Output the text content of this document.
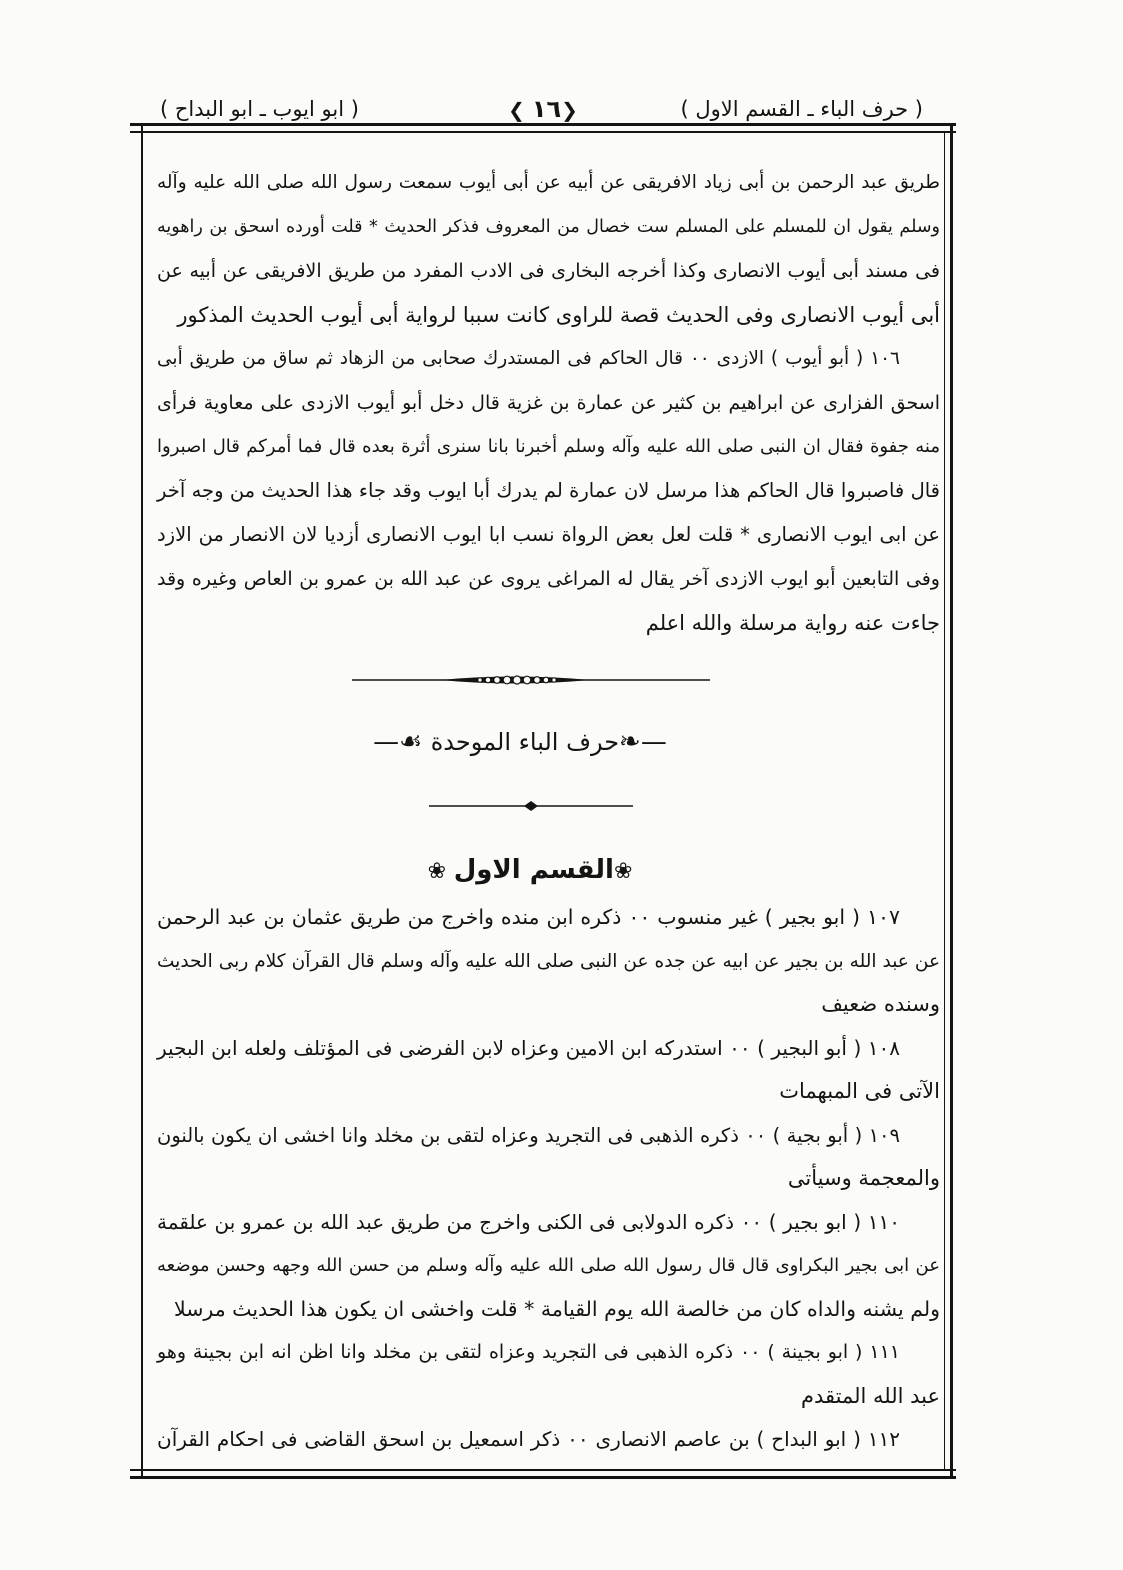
( حرف الباء ـ القسم الاول )
❮ ١٦ ❯
( ابو ايوب ـ ابو البداح )
طريق عبد الرحمن بن أبى زياد الافريقى عن أبيه عن أبى أيوب سمعت رسول الله صلى الله عليه وآله
وسلم يقول ان للمسلم على المسلم ست خصال من المعروف فذكر الحديث * قلت أورده اسحق بن راهويه
فى مسند أبى أيوب الانصارى وكذا أخرجه البخارى فى الادب المفرد من طريق الافريقى عن أبيه عن
أبى أيوب الانصارى وفى الحديث قصة للراوى كانت سببا لرواية أبى أيوب الحديث المذكور
١٠٦ ( أبو أيوب ) الازدى ٠٠ قال الحاكم فى المستدرك صحابى من الزهاد ثم ساق من طريق أبى
اسحق الفزارى عن ابراهيم بن كثير عن عمارة بن غزية قال دخل أبو أيوب الازدى على معاوية فرأى
منه جفوة فقال ان النبى صلى الله عليه وآله وسلم أخبرنا بانا سنرى أثرة بعده قال فما أمركم قال اصبروا
قال فاصبروا قال الحاكم هذا مرسل لان عمارة لم يدرك أبا ايوب وقد جاء هذا الحديث من وجه آخر
عن ابى ايوب الانصارى * قلت لعل بعض الرواة نسب ابا ايوب الانصارى أزديا لان الانصار من الازد
وفى التابعين أبو ايوب الازدى آخر يقال له المراغى يروى عن عبد الله بن عمرو بن العاص وغيره وقد
جاءت عنه رواية مرسلة والله اعلم
—❧ حرف الباء الموحدة ☙—
❀ القسم الاول ❀
١٠٧ ( ابو بجير ) غير منسوب ٠٠ ذكره ابن منده واخرج من طريق عثمان بن عبد الرحمن
عن عبد الله بن بجير عن ابيه عن جده عن النبى صلى الله عليه وآله وسلم قال القرآن كلام ربى الحديث
وسنده ضعيف
١٠٨ ( أبو البجير ) ٠٠ استدركه ابن الامين وعزاه لابن الفرضى فى المؤتلف ولعله ابن البجير
الآتى فى المبهمات
١٠٩ ( أبو بجية ) ٠٠ ذكره الذهبى فى التجريد وعزاه لتقى بن مخلد وانا اخشى ان يكون بالنون
والمعجمة وسيأتى
١١٠ ( ابو بجير ) ٠٠ ذكره الدولابى فى الكنى واخرج من طريق عبد الله بن عمرو بن علقمة
عن ابى بجير البكراوى قال قال رسول الله صلى الله عليه وآله وسلم من حسن الله وجهه وحسن موضعه
ولم يشنه والداه كان من خالصة الله يوم القيامة * قلت واخشى ان يكون هذا الحديث مرسلا
١١١ ( ابو بجينة ) ٠٠ ذكره الذهبى فى التجريد وعزاه لتقى بن مخلد وانا اظن انه ابن بجينة وهو
عبد الله المتقدم
١١٢ ( ابو البداح ) بن عاصم الانصارى ٠٠ ذكر اسمعيل بن اسحق القاضى فى احكام القرآن
